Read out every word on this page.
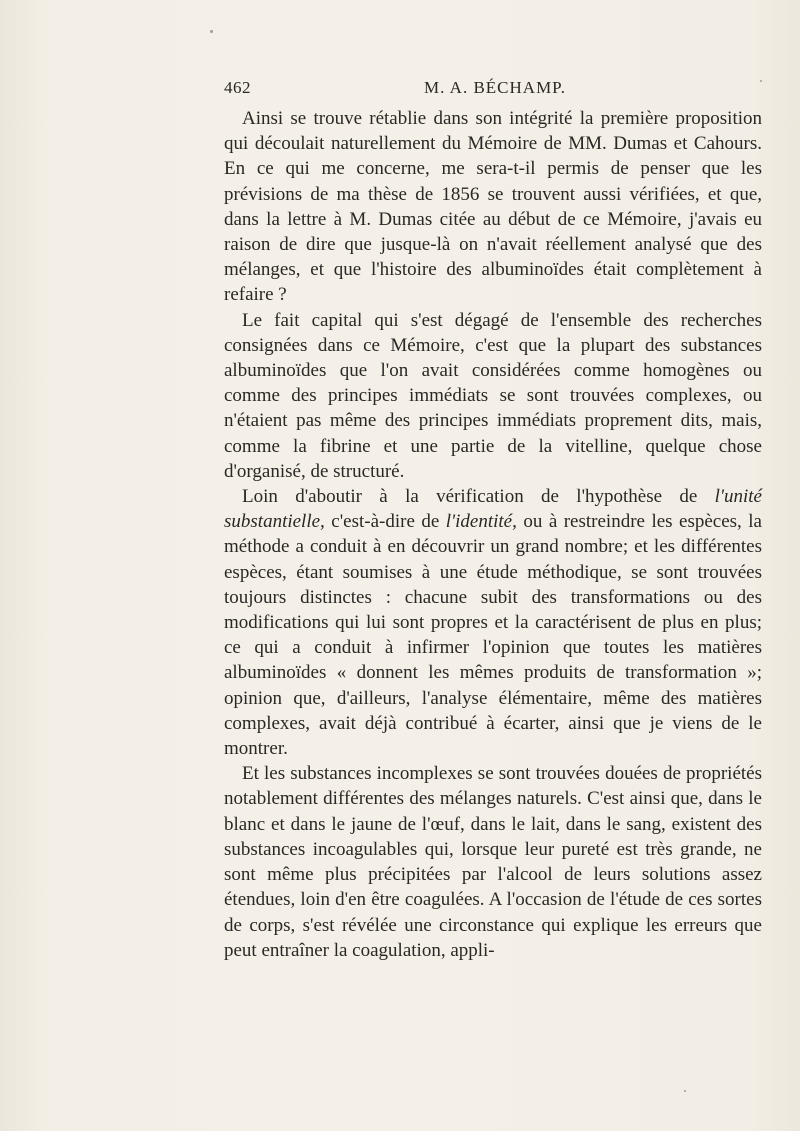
462	M. A. BÉCHAMP.

Ainsi se trouve rétablie dans son intégrité la première proposition qui découlait naturellement du Mémoire de MM. Dumas et Cahours. En ce qui me concerne, me sera-t-il permis de penser que les prévisions de ma thèse de 1856 se trouvent aussi vérifiées, et que, dans la lettre à M. Dumas citée au début de ce Mémoire, j'avais eu raison de dire que jusque-là on n'avait réellement analysé que des mélanges, et que l'histoire des albuminoïdes était complètement à refaire ?

Le fait capital qui s'est dégagé de l'ensemble des recherches consignées dans ce Mémoire, c'est que la plupart des substances albuminoïdes que l'on avait considérées comme homogènes ou comme des principes immédiats se sont trouvées complexes, ou n'étaient pas même des principes immédiats proprement dits, mais, comme la fibrine et une partie de la vitelline, quelque chose d'organisé, de structuré.

Loin d'aboutir à la vérification de l'hypothèse de l'unité substantielle, c'est-à-dire de l'identité, ou à restreindre les espèces, la méthode a conduit à en découvrir un grand nombre; et les différentes espèces, étant soumises à une étude méthodique, se sont trouvées toujours distinctes : chacune subit des transformations ou des modifications qui lui sont propres et la caractérisent de plus en plus; ce qui a conduit à infirmer l'opinion que toutes les matières albuminoïdes « donnent les mêmes produits de transformation »; opinion que, d'ailleurs, l'analyse élémentaire, même des matières complexes, avait déjà contribué à écarter, ainsi que je viens de le montrer.

Et les substances incomplexes se sont trouvées douées de propriétés notablement différentes des mélanges naturels. C'est ainsi que, dans le blanc et dans le jaune de l'œuf, dans le lait, dans le sang, existent des substances incoagulables qui, lorsque leur pureté est très grande, ne sont même plus précipitées par l'alcool de leurs solutions assez étendues, loin d'en être coagulées. A l'occasion de l'étude de ces sortes de corps, s'est révélée une circonstance qui explique les erreurs que peut entraîner la coagulation, appli-
